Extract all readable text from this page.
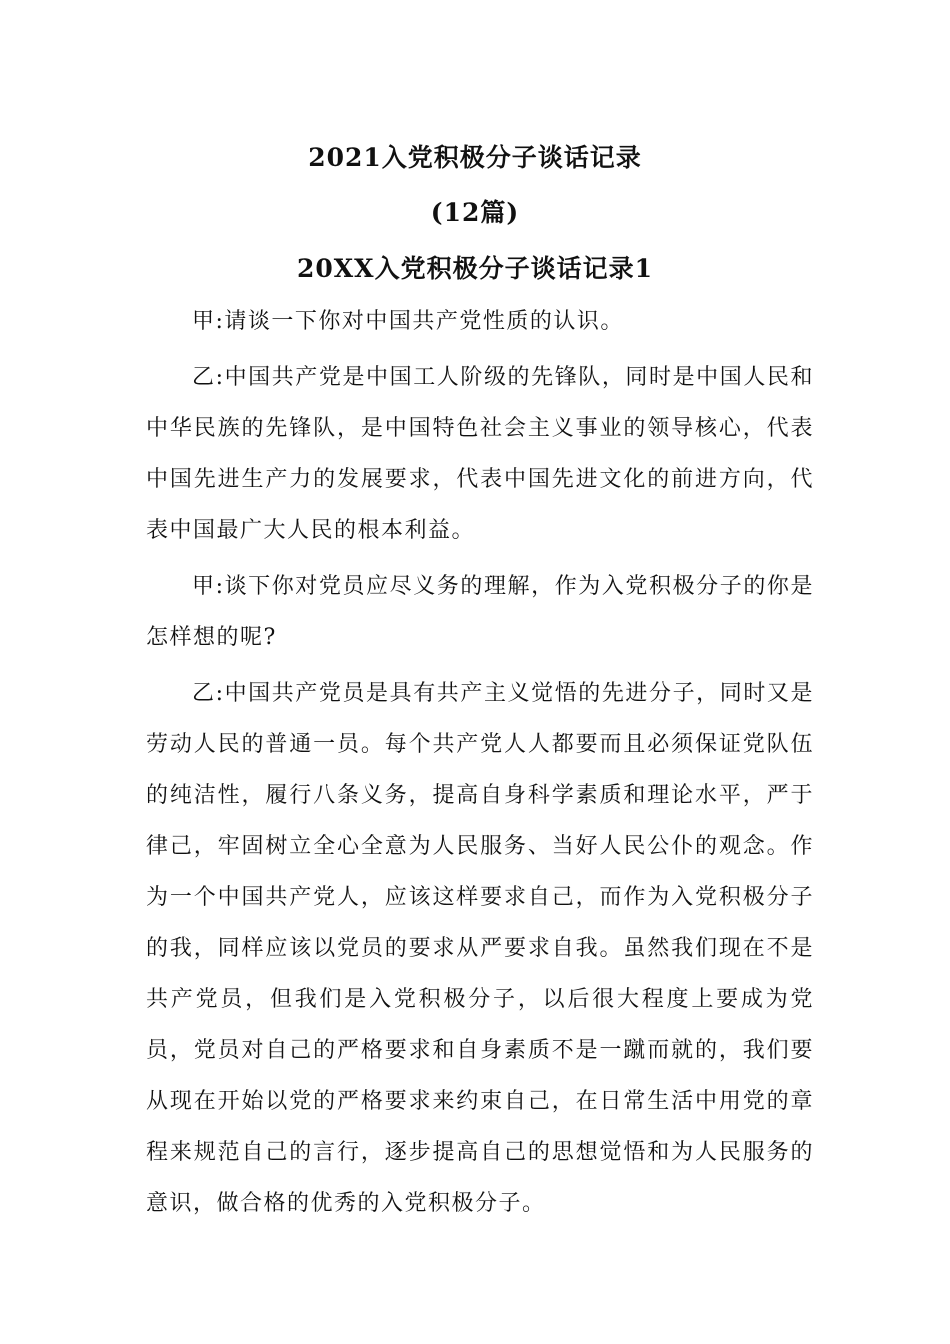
2021入党积极分子谈话记录
(12篇)
20XX入党积极分子谈话记录1

甲:请谈一下你对中国共产党性质的认识。

乙:中国共产党是中国工人阶级的先锋队，同时是中国人民和中华民族的先锋队，是中国特色社会主义事业的领导核心，代表中国先进生产力的发展要求，代表中国先进文化的前进方向，代表中国最广大人民的根本利益。

甲:谈下你对党员应尽义务的理解，作为入党积极分子的你是怎样想的呢?

乙:中国共产党员是具有共产主义觉悟的先进分子，同时又是劳动人民的普通一员。每个共产党人人都要而且必须保证党队伍的纯洁性，履行八条义务，提高自身科学素质和理论水平，严于律己，牢固树立全心全意为人民服务、当好人民公仆的观念。作为一个中国共产党人，应该这样要求自己，而作为入党积极分子的我，同样应该以党员的要求从严要求自我。虽然我们现在不是共产党员，但我们是入党积极分子，以后很大程度上要成为党员，党员对自己的严格要求和自身素质不是一蹴而就的，我们要从现在开始以党的严格要求来约束自己，在日常生活中用党的章程来规范自己的言行，逐步提高自己的思想觉悟和为人民服务的意识，做合格的优秀的入党积极分子。
